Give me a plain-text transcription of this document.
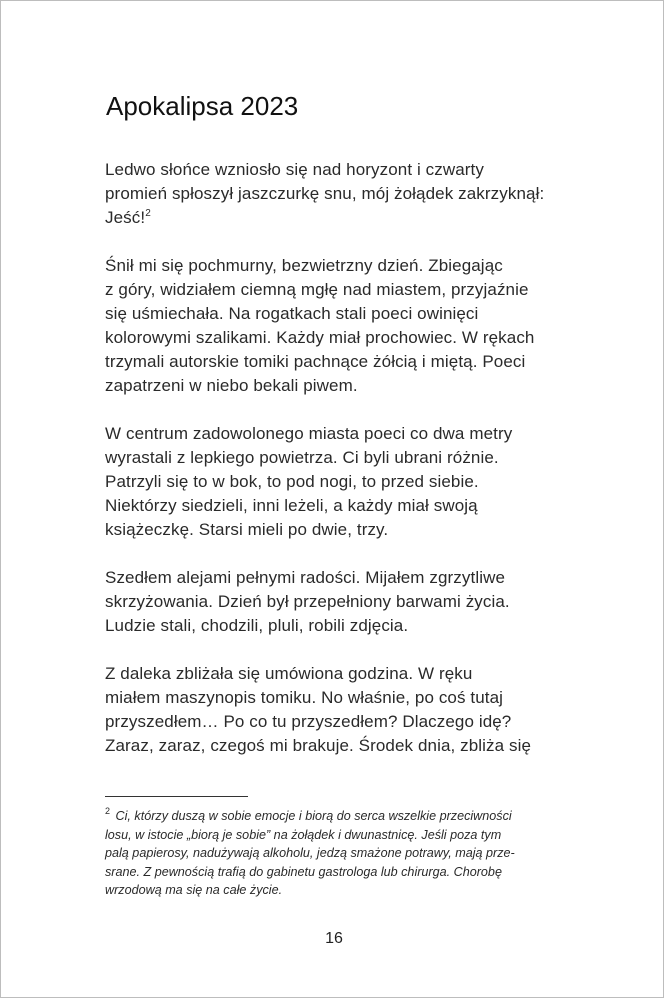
Apokalipsa 2023
Ledwo słońce wzniosło się nad horyzont i czwarty
promień spłoszył jaszczurkę snu, mój żołądek zakrzyknął:
Jeść!$^2$
Śnił mi się pochmurny, bezwietrzny dzień. Zbiegając
z góry, widziałem ciemną mgłę nad miastem, przyjaźnie
się uśmiechała. Na rogatkach stali poeci owinięci
kolorowymi szalikami. Każdy miał prochowiec. W rękach
trzymali autorskie tomiki pachnące żółcią i miętą. Poeci
zapatrzeni w niebo bekali piwem.
W centrum zadowolonego miasta poeci co dwa metry
wyrastali z lepkiego powietrza. Ci byli ubrani różnie.
Patrzyli się to w bok, to pod nogi, to przed siebie.
Niektórzy siedzieli, inni leżeli, a każdy miał swoją
książeczkę. Starsi mieli po dwie, trzy.
Szedłem alejami pełnymi radości. Mijałem zgrzytliwe
skrzyżowania. Dzień był przepełniony barwami życia.
Ludzie stali, chodzili, pluli, robili zdjęcia.
Z daleka zbliżała się umówiona godzina. W ręku
miałem maszynopis tomiku. No właśnie, po coś tutaj
przyszedłem… Po co tu przyszedłem? Dlaczego idę?
Zaraz, zaraz, czegoś mi brakuje. Środek dnia, zbliża się
$^2$ Ci, którzy duszą w sobie emocje i biorą do serca wszelkie przeciwności
losu, w istocie „biorą je sobie” na żołądek i dwunastnicę. Jeśli poza tym
palą papierosy, nadużywają alkoholu, jedzą smażone potrawy, mają prze-
srane. Z pewnością trafią do gabinetu gastrologa lub chirurga. Chorobę
wrzodową ma się na całe życie.
16
